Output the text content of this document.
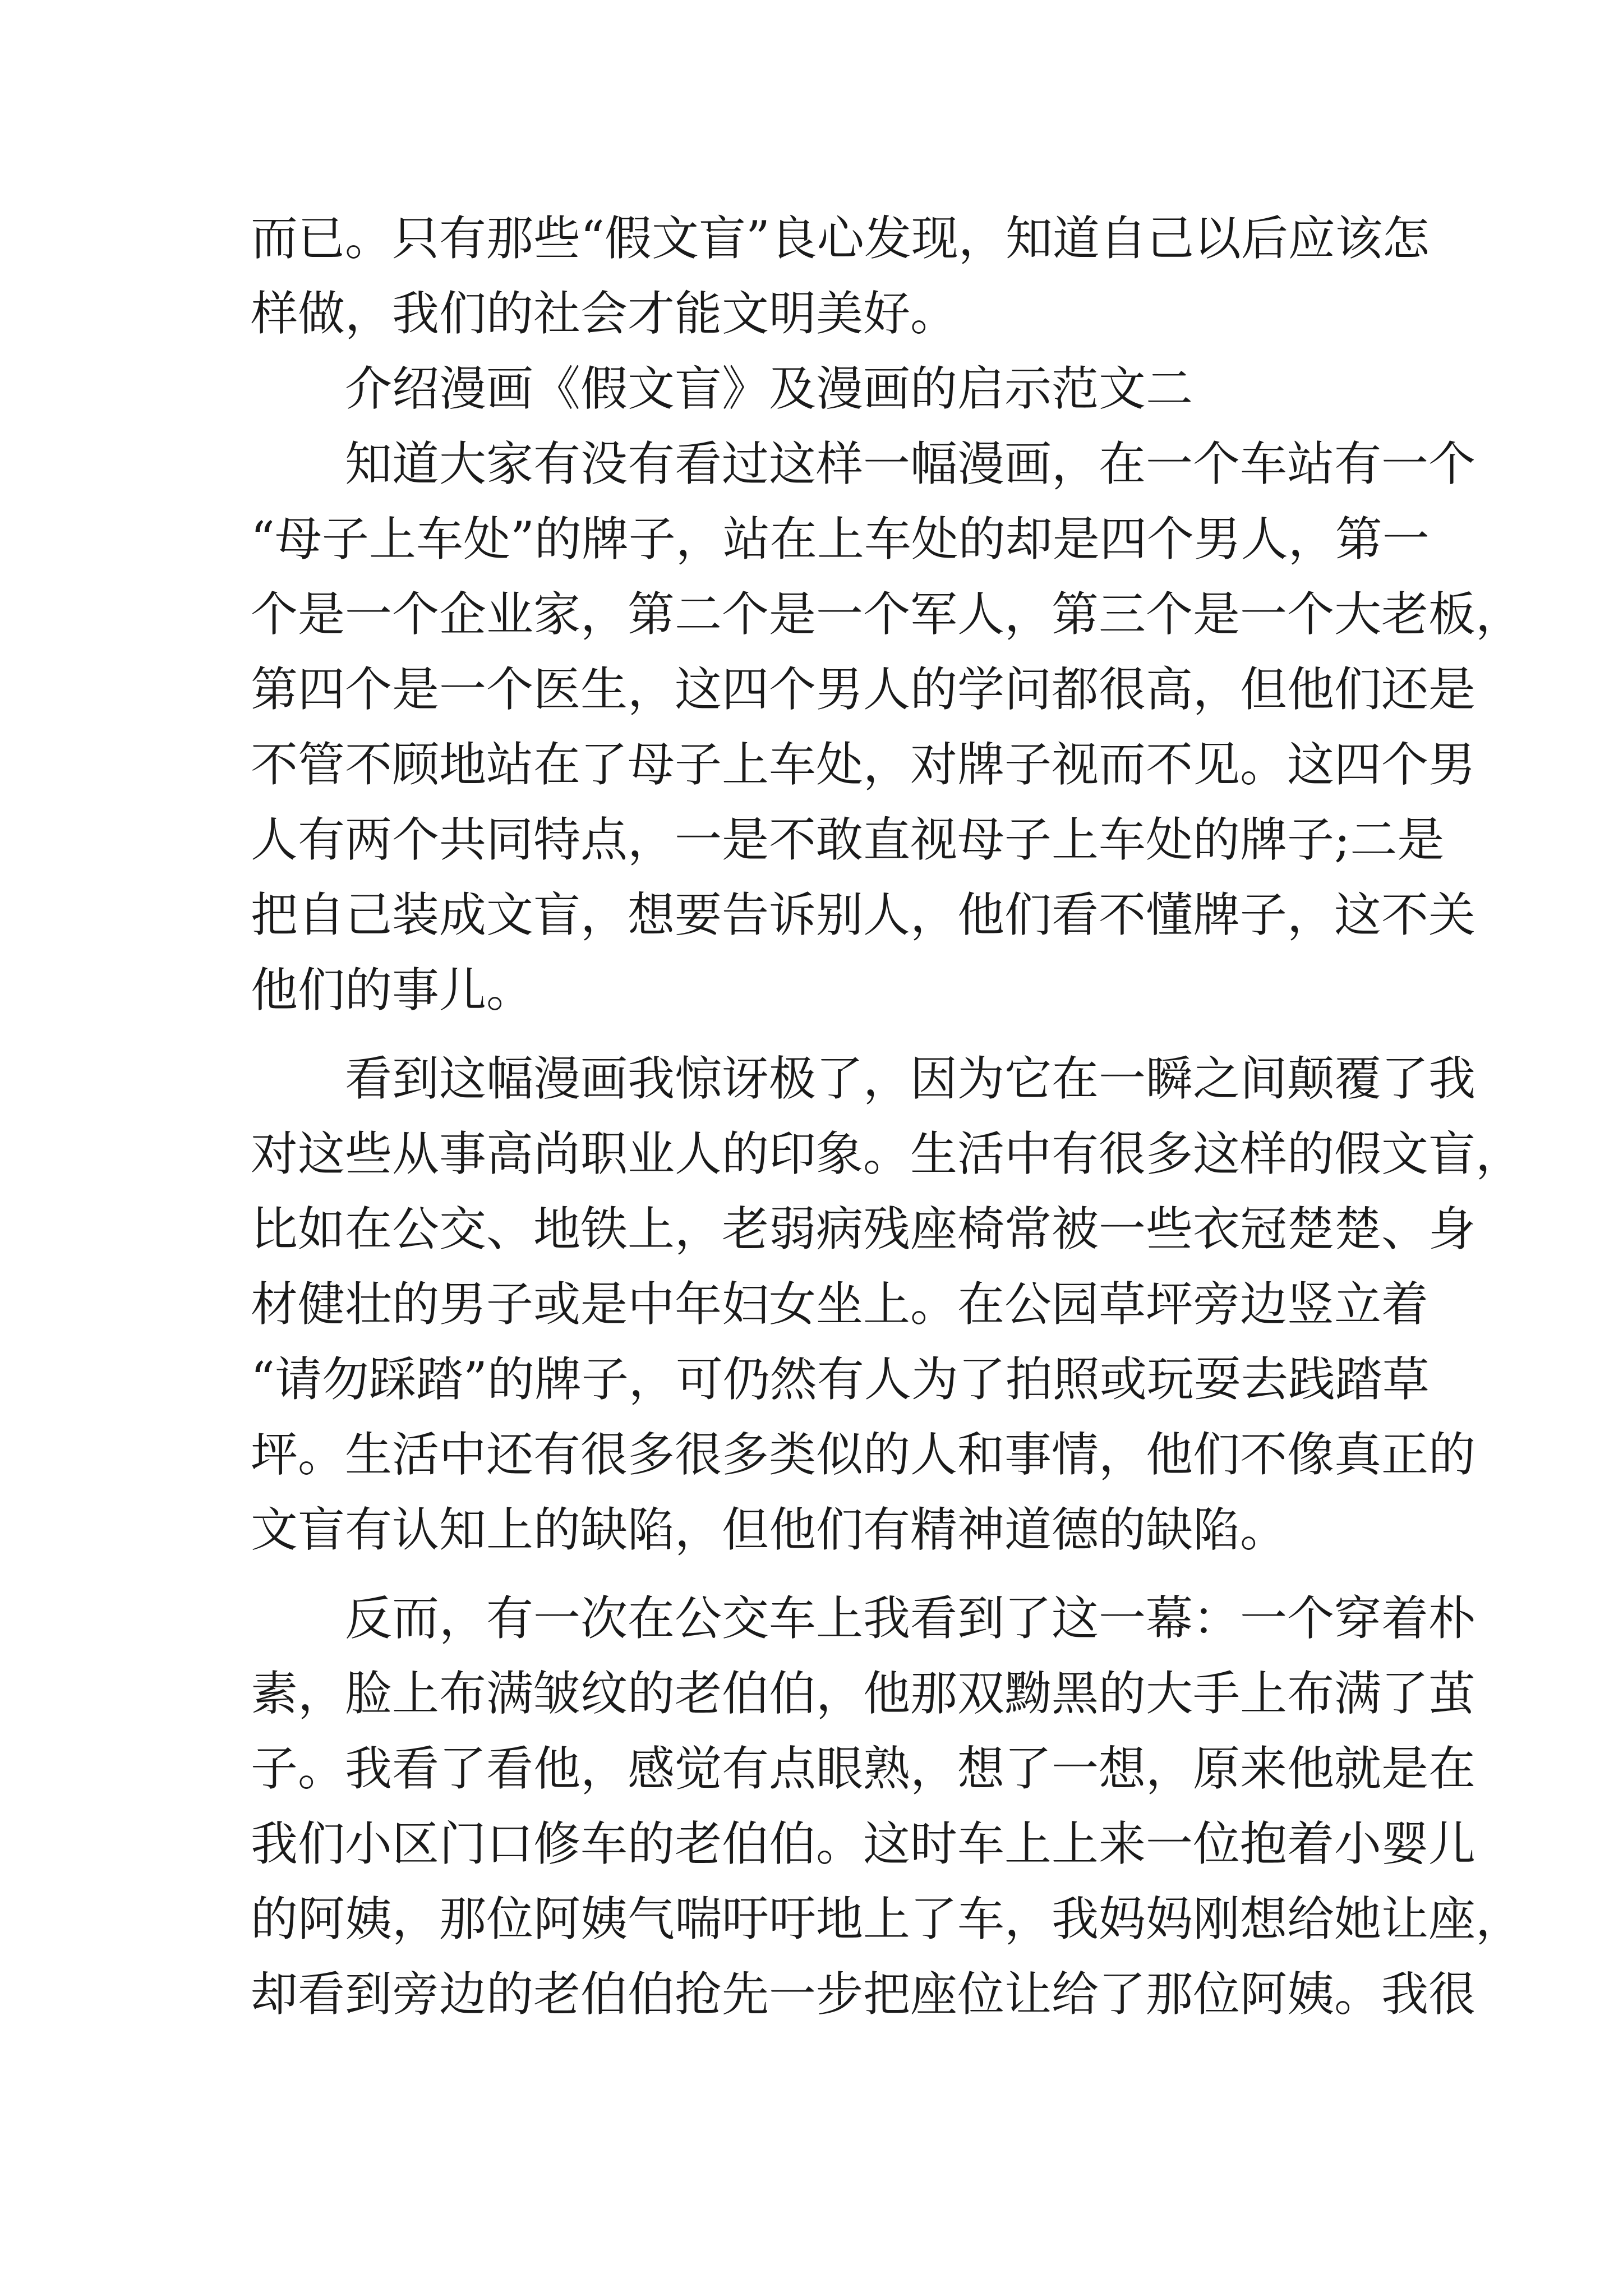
而已。只有那些“假文盲”良心发现，知道自己以后应该怎

样做，我们的社会才能文明美好。

介绍漫画《假文盲》及漫画的启示范文二

知道大家有没有看过这样一幅漫画，在一个车站有一个

“母子上车处”的牌子，站在上车处的却是四个男人，第一

个是一个企业家，第二个是一个军人，第三个是一个大老板，

第四个是一个医生，这四个男人的学问都很高，但他们还是

不管不顾地站在了母子上车处，对牌子视而不见。这四个男

人有两个共同特点，一是不敢直视母子上车处的牌子;二是

把自己装成文盲，想要告诉别人，他们看不懂牌子，这不关

他们的事儿。

看到这幅漫画我惊讶极了，因为它在一瞬之间颠覆了我

对这些从事高尚职业人的印象。生活中有很多这样的假文盲，

比如在公交、地铁上，老弱病残座椅常被一些衣冠楚楚、身

材健壮的男子或是中年妇女坐上。在公园草坪旁边竖立着

“请勿踩踏”的牌子，可仍然有人为了拍照或玩耍去践踏草

坪。生活中还有很多很多类似的人和事情，他们不像真正的

文盲有认知上的缺陷，但他们有精神道德的缺陷。

反而，有一次在公交车上我看到了这一幕：一个穿着朴

素，脸上布满皱纹的老伯伯，他那双黝黑的大手上布满了茧

子。我看了看他，感觉有点眼熟，想了一想，原来他就是在

我们小区门口修车的老伯伯。这时车上上来一位抱着小婴儿

的阿姨，那位阿姨气喘吁吁地上了车，我妈妈刚想给她让座，

却看到旁边的老伯伯抢先一步把座位让给了那位阿姨。我很
